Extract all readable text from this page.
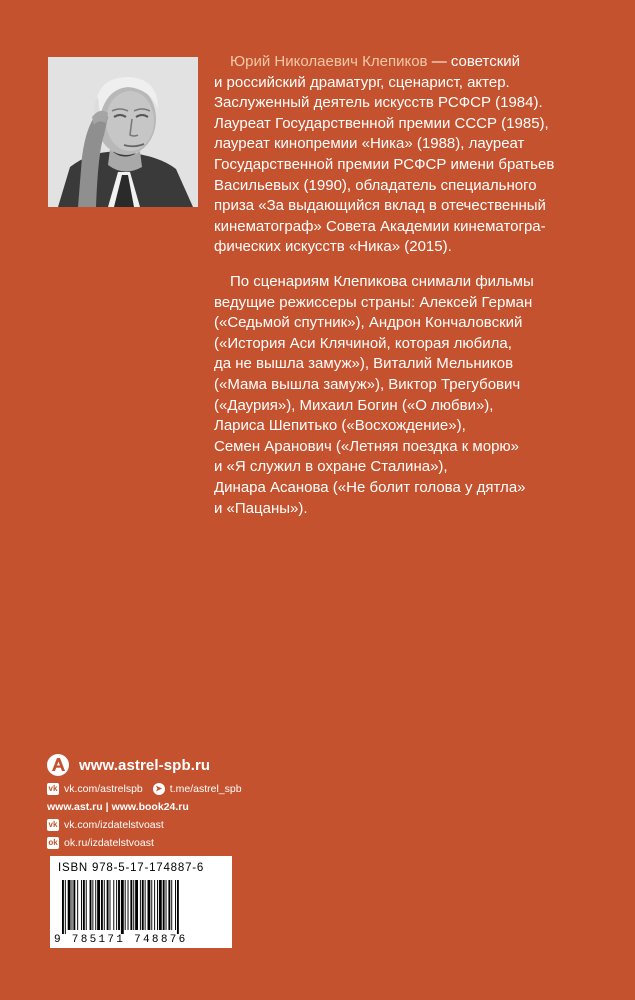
Юрий Николаевич Клепиков — советский
и российский драматург, сценарист, актер.
Заслуженный деятель искусств РСФСР (1984).
Лауреат Государственной премии СССР (1985),
лауреат кинопремии «Ника» (1988), лауреат
Государственной премии РСФСР имени братьев
Васильевых (1990), обладатель специального
приза «За выдающийся вклад в отечественный
кинематограф» Совета Академии кинематогра-
фических искусств «Ника» (2015).

По сценариям Клепикова снимали фильмы
ведущие режиссеры страны: Алексей Герман
(«Седьмой спутник»), Андрон Кончаловский
(«История Аси Клячиной, которая любила,
да не вышла замуж»), Виталий Мельников
(«Мама вышла замуж»), Виктор Трегубович
(«Даурия»), Михаил Богин («О любви»),
Лариса Шепитько («Восхождение»),
Семен Аранович («Летняя поездка к морю»
и «Я служил в охране Сталина»),
Динара Асанова («Не болит голова у дятла»
и «Пацаны»).

www.astrel-spb.ru
vk vk.com/astrelspb	➤ t.me/astrel_spb
www.ast.ru | www.book24.ru
vk vk.com/izdatelstvoast
ok ok.ru/izdatelstvoast
ISBN 978-5-17-174887-6
9 785171 748876
